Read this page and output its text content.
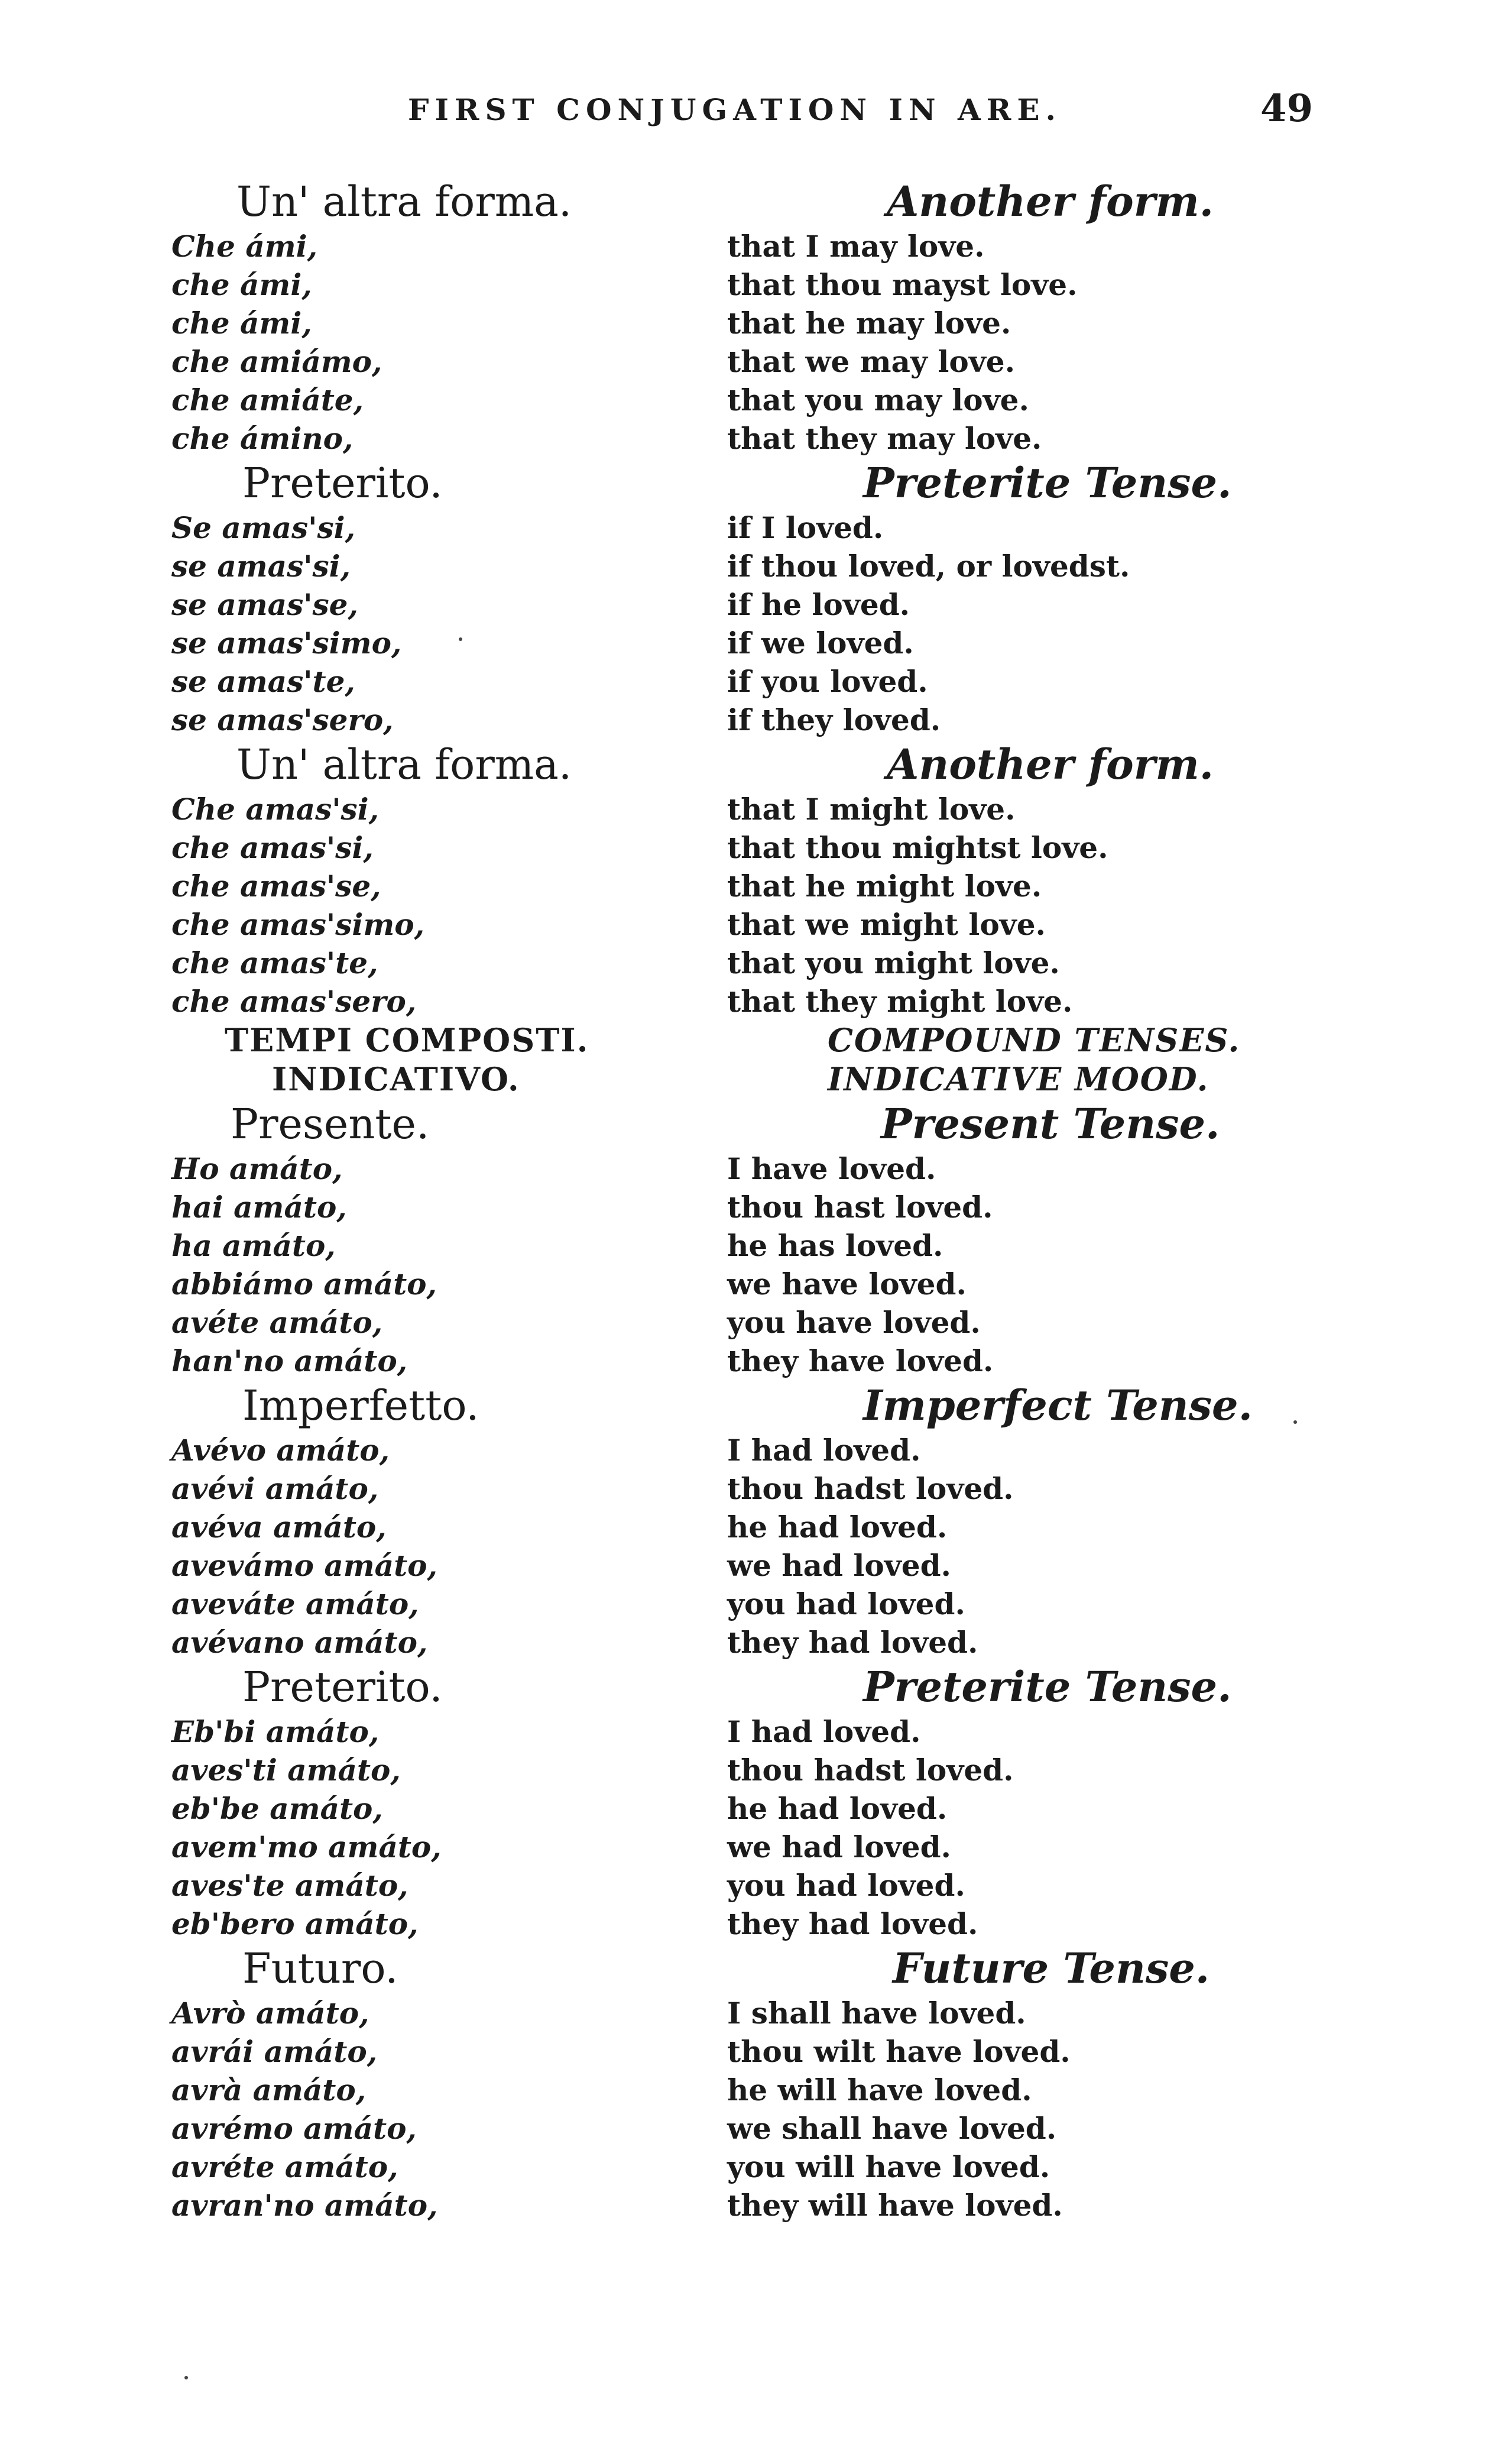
FIRST CONJUGATION IN ARE.	49
Un' altra forma.
Che ámi,
che ámi,
che ámi,
che amiámo,
che amiáte,
che ámino,
Preterito.
Se amas'si,
se amas'si,
se amas'se,
se amas'simo,
se amas'te,
se amas'sero,
Un' altra forma.
Che amas'si,
che amas'si,
che amas'se,
che amas'simo,
che amas'te,
che amas'sero,
TEMPI COMPOSTI.
INDICATIVO.
Presente.
Ho amáto,
hai amáto,
ha amáto,
abbiámo amáto,
avéte amáto,
han'no amáto,
Imperfetto.
Avévo amáto,
avévi amáto,
avéva amáto,
avevámo amáto,
aveváte amáto,
avévano amáto,
Preterito.
Eb'bi amáto,
aves'ti amáto,
eb'be amáto,
avem'mo amáto,
aves'te amáto,
eb'bero amáto,
Futuro.
Avrò amáto,
avrái amáto,
avrà amáto,
avrémo amáto,
avréte amáto,
avran'no amáto,
Another form.
that I may love.
that thou mayst love.
that he may love.
that we may love.
that you may love.
that they may love.
Preterite Tense.
if I loved.
if thou loved, or lovedst.
if he loved.
if we loved.
if you loved.
if they loved.
Another form.
that I might love.
that thou mightst love.
that he might love.
that we might love.
that you might love.
that they might love.
COMPOUND TENSES.
INDICATIVE MOOD.
Present Tense.
I have loved.
thou hast loved.
he has loved.
we have loved.
you have loved.
they have loved.
Imperfect Tense.
I had loved.
thou hadst loved.
he had loved.
we had loved.
you had loved.
they had loved.
Preterite Tense.
I had loved.
thou hadst loved.
he had loved.
we had loved.
you had loved.
they had loved.
Future Tense.
I shall have loved.
thou wilt have loved.
he will have loved.
we shall have loved.
you will have loved.
they will have loved.
